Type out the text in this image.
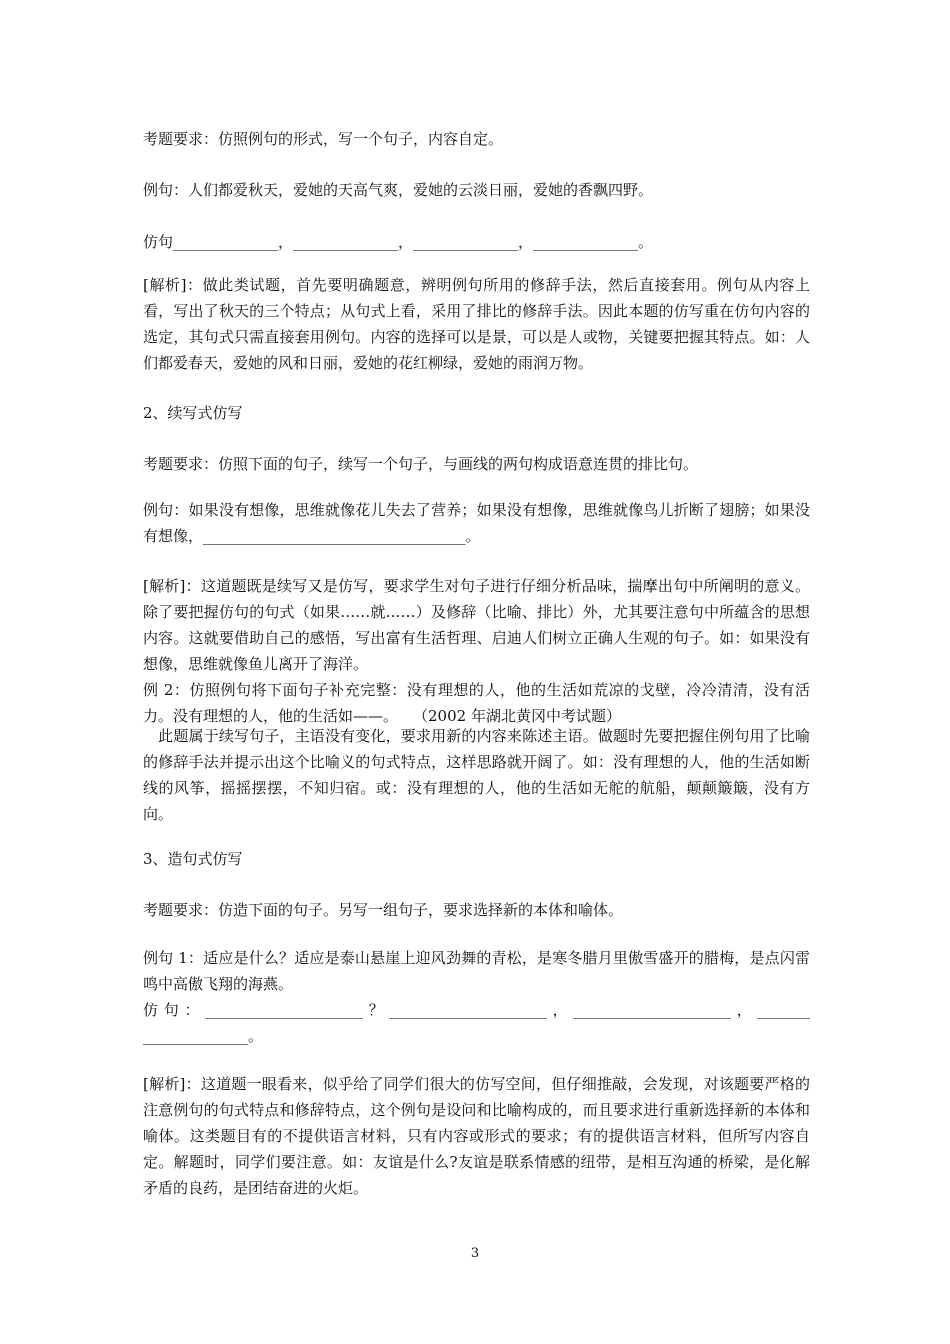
考题要求：仿照例句的形式，写一个句子，内容自定。

例句：人们都爱秋天，爱她的天高气爽，爱她的云淡日丽，爱她的香飘四野。

仿句______________，______________，______________，______________。

[解析]：做此类试题，首先要明确题意，辨明例句所用的修辞手法，然后直接套用。例句从内容上看，写出了秋天的三个特点；从句式上看，采用了排比的修辞手法。因此本题的仿写重在仿句内容的选定，其句式只需直接套用例句。内容的选择可以是景，可以是人或物，关键要把握其特点。如：人们都爱春天，爱她的风和日丽，爱她的花红柳绿，爱她的雨润万物。

2、续写式仿写

考题要求：仿照下面的句子，续写一个句子，与画线的两句构成语意连贯的排比句。

例句：如果没有想像，思维就像花儿失去了营养；如果没有想像，思维就像鸟儿折断了翅膀；如果没有想像，___________________________________。

[解析]：这道题既是续写又是仿写，要求学生对句子进行仔细分析品味，揣摩出句中所阐明的意义。除了要把握仿句的句式（如果……就……）及修辞（比喻、排比）外，尤其要注意句中所蕴含的思想内容。这就要借助自己的感悟，写出富有生活哲理、启迪人们树立正确人生观的句子。如：如果没有想像，思维就像鱼儿离开了海洋。

例 2：仿照例句将下面句子补充完整：没有理想的人，他的生活如荒凉的戈壁，冷冷清清，没有活力。没有理想的人，他的生活如——。　　（2002 年湖北黄冈中考试题）

　此题属于续写句子，主语没有变化，要求用新的内容来陈述主语。做题时先要把握住例句用了比喻的修辞手法并提示出这个比喻义的句式特点，这样思路就开阔了。如：没有理想的人，他的生活如断线的风筝，摇摇摆摆，不知归宿。或：没有理想的人，他的生活如无舵的航船，颠颠簸簸，没有方向。

3、造句式仿写

考题要求：仿造下面的句子。另写一组句子，要求选择新的本体和喻体。

例句 1：适应是什么？适应是泰山悬崖上迎风劲舞的青松，是寒冬腊月里傲雪盛开的腊梅，是点闪雷鸣中高傲飞翔的海燕。

仿句：_____________________？_____________________，_____________________，_______ ______________。

[解析]：这道题一眼看来，似乎给了同学们很大的仿写空间，但仔细推敲，会发现，对该题要严格的注意例句的句式特点和修辞特点，这个例句是设问和比喻构成的，而且要求进行重新选择新的本体和喻体。这类题目有的不提供语言材料，只有内容或形式的要求；有的提供语言材料，但所写内容自定。解题时，同学们要注意。如：友谊是什么?友谊是联系情感的纽带，是相互沟通的桥梁，是化解矛盾的良药，是团结奋进的火炬。

3
